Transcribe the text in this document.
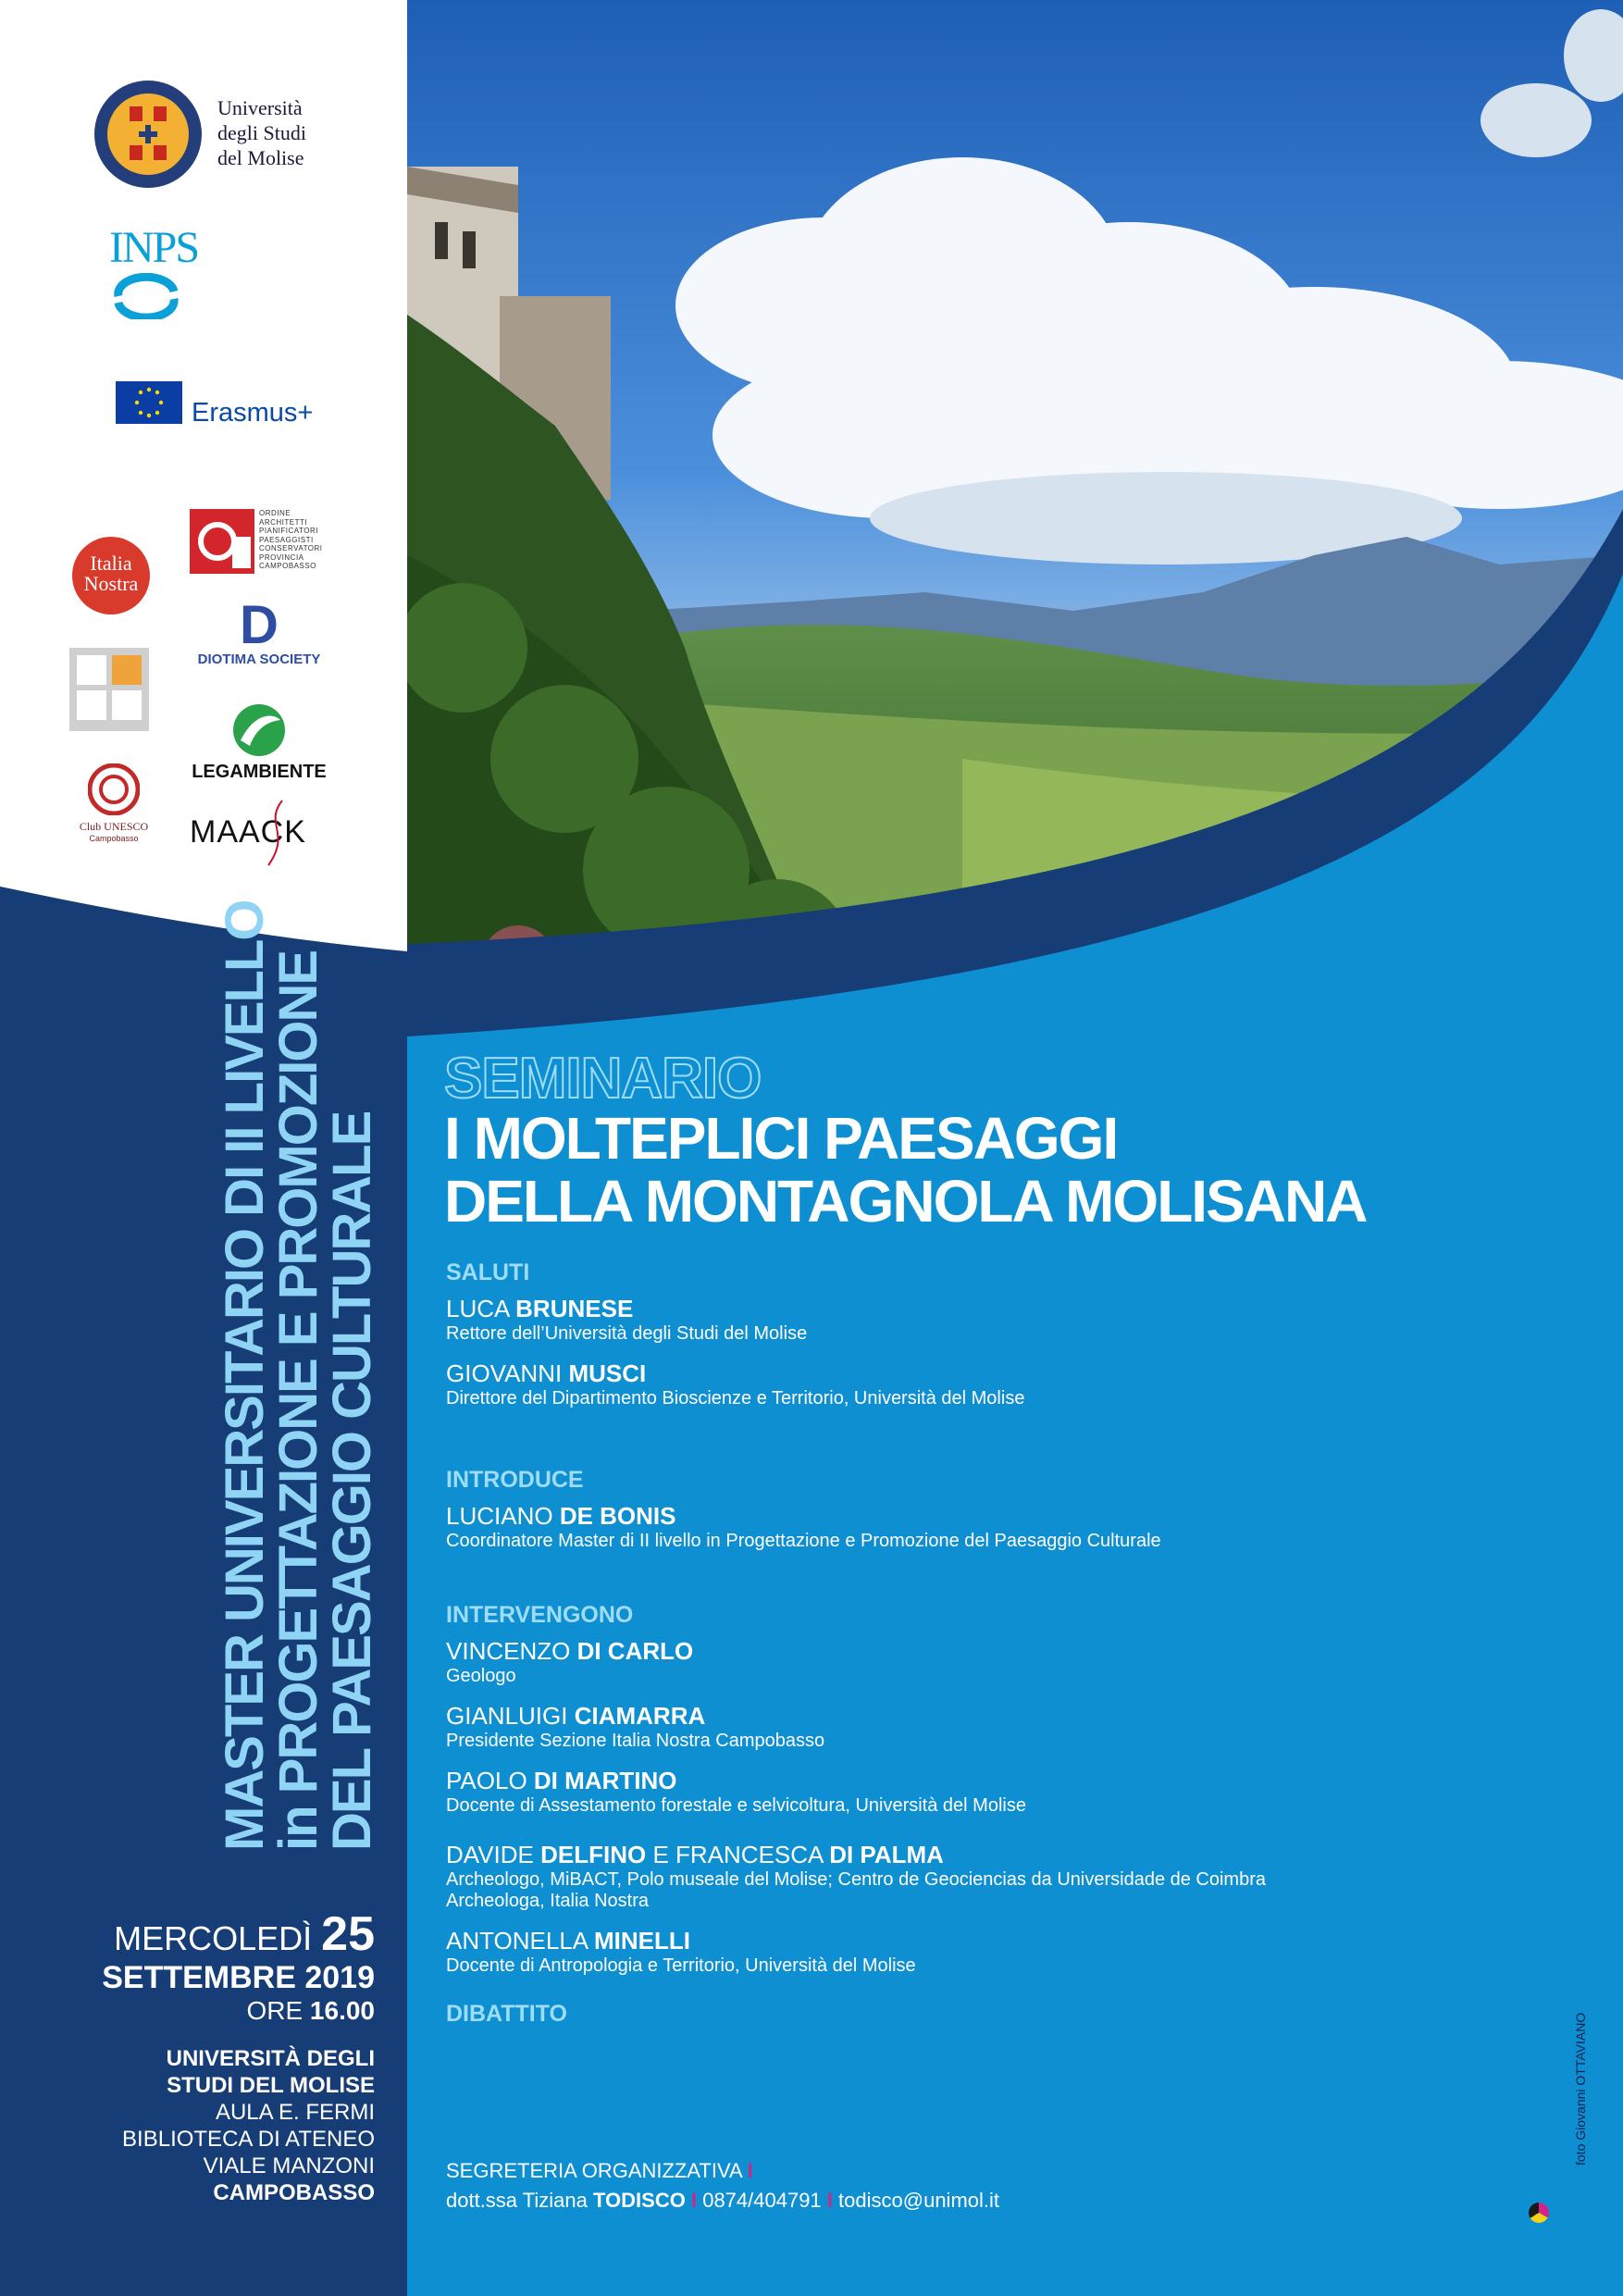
Università
degli Studi
del Molise
INPS
Erasmus+
Italia
Nostra
ORDINE
ARCHITETTI
PIANIFICATORI
PAESAGGISTI
CONSERVATORI
PROVINCIA
CAMPOBASSO
D
DIOTIMA SOCIETY
LEGAMBIENTE
Club UNESCO
Campobasso	MAACK
MASTER UNIVERSITARIO DI II LIVELLO
in PROGETTAZIONE E PROMOZIONE
DEL PAESAGGIO CULTURALE
MERCOLEDÌ 25
SETTEMBRE 2019
ORE 16.00
UNIVERSITÀ DEGLI
STUDI DEL MOLISE
AULA E. FERMI
BIBLIOTECA DI ATENEO
VIALE MANZONI
CAMPOBASSO
SEMINARIO
I MOLTEPLICI PAESAGGI
DELLA MONTAGNOLA MOLISANA
SALUTI
LUCA BRUNESE
Rettore dell’Università degli Studi del Molise
GIOVANNI MUSCI
Direttore del Dipartimento Bioscienze e Territorio, Università del Molise
INTRODUCE
LUCIANO DE BONIS
Coordinatore Master di II livello in Progettazione e Promozione del Paesaggio Culturale
INTERVENGONO
VINCENZO DI CARLO
Geologo
GIANLUIGI CIAMARRA
Presidente Sezione Italia Nostra Campobasso
PAOLO DI MARTINO
Docente di Assestamento forestale e selvicoltura, Università del Molise
DAVIDE DELFINO E FRANCESCA DI PALMA
Archeologo, MiBACT, Polo museale del Molise; Centro de Geociencias da Universidade de Coimbra
Archeologa, Italia Nostra
ANTONELLA MINELLI
Docente di Antropologia e Territorio, Università del Molise
DIBATTITO
SEGRETERIA ORGANIZZATIVA I
dott.ssa Tiziana TODISCO I 0874/404791 I todisco@unimol.it
foto Giovanni OTTAVIANO
